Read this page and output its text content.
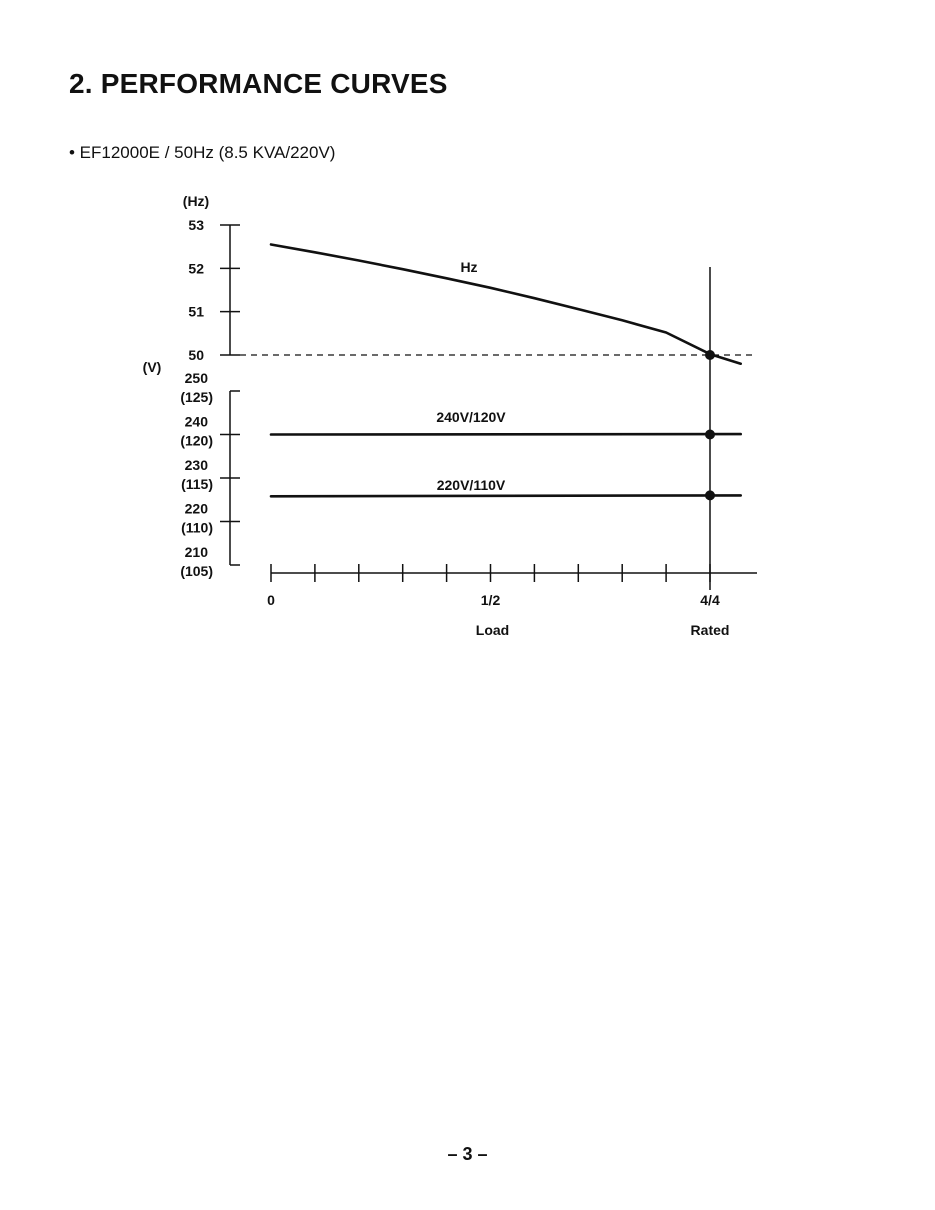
2. PERFORMANCE CURVES
• EF12000E / 50Hz (8.5 KVA/220V)
(Hz)
53
52
51
50
(V)
250
(125)
240
(120)
230
(115)
220
(110)
210
(105)
0	1/2	4/4
Load	Rated
Hz
240V/120V
220V/110V
– 3 –
